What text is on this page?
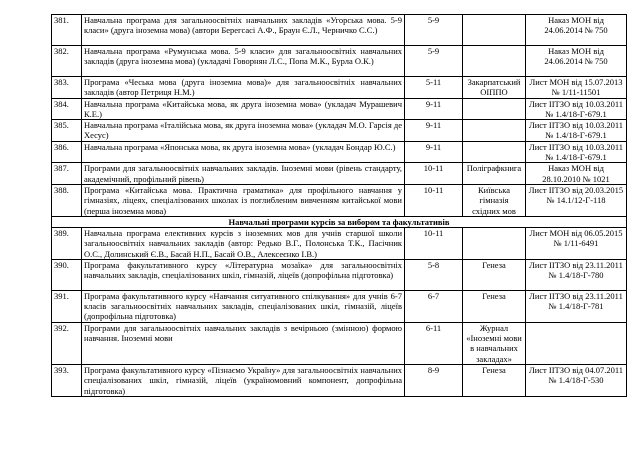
381.	Навчальна програма для загальноосвітніх навчальних закладів «Угорська мова. 5-9 класи» (друга іноземна мова) (автори Берегсасі А.Ф., Браун Є.Л., Черничко С.С.)	5-9		Наказ МОН від 24.06.2014 № 750
382.	Навчальна програма «Румунська мова. 5-9 класи» для загальноосвітніх навчальних закладів (друга іноземна мова) (укладачі Говорнян Л.С., Попа М.К., Бурла О.К.)	5-9		Наказ МОН від 24.06.2014 № 750
383.	Програма «Чеська мова (друга іноземна мова)» для загальноосвітніх навчальних закладів (автор Петриця Н.М.)	5-11	Закарпатський ОІППО	Лист МОН від 15.07.2013 № 1/11-11501
384.	Навчальна програма «Китайська мова, як друга іноземна мова» (укладач Мурашевич К.Е.)	9-11		Лист ІІТЗО від 10.03.2011 № 1.4/18-Г-679.1
385.	Навчальна програма «Італійська мова, як друга іноземна мова» (укладач М.О. Гарсія де Хесус)	9-11		Лист ІІТЗО від 10.03.2011 № 1.4/18-Г-679.1
386.	Навчальна програма «Японська мова, як друга іноземна мова» (укладач Бондар Ю.С.)	9-11		Лист ІІТЗО від 10.03.2011 № 1.4/18-Г-679.1
387.	Програми для загальноосвітніх навчальних закладів. Іноземні мови (рівень стандарту, академічний, профільний рівень)	10-11	Поліграфкнига	Наказ МОН від 28.10.2010 № 1021
388.	Програма «Китайська мова. Практична граматика» для профільного навчання у гімназіях, ліцеях, спеціалізованих школах із поглибленим вивченням китайської мови (перша іноземна мова)	10-11	Київська гімназія східних мов	Лист ІІТЗО від 20.03.2015 № 14.1/12-Г-118
Навчальні програми курсів за вибором та факультативів				
389.	Навчальна програма елективних курсів з іноземних мов для учнів старшої школи загальноосвітніх навчальних закладів (автор: Редько В.Г., Полонська Т.К., Пасічник О.С., Долинський Є.В., Басай Н.П., Басай О.В., Алексеєнко І.В.)	10-11		Лист МОН від 06.05.2015 № 1/11-6491
390.	Програма факультативного курсу «Літературна мозаїка» для загальноосвітніх навчальних закладів, спеціалізованих шкіл, гімназій, ліцеїв (допрофільна підготовка)	5-8	Генеза	Лист ІІТЗО від 23.11.2011 № 1.4/18-Г-780
391.	Програма факультативного курсу «Навчання ситуативного спілкування» для учнів 6-7 класів загальноосвітніх навчальних закладів, спеціалізованих шкіл, гімназій, ліцеїв (допрофільна підготовка)	6-7	Генеза	Лист ІІТЗО від 23.11.2011 № 1.4/18-Г-781
392.	Програми для загальноосвітніх навчальних закладів з вечірньою (змінною) формою навчання. Іноземні мови	6-11	Журнал «Іноземні мови в навчальних закладах»	
393.	Програма факультативного курсу «Пізнаємо Україну» для загальноосвітніх навчальних спеціалізованих шкіл, гімназій, ліцеїв (україномовний компонент, допрофільна підготовка)	8-9	Генеза	Лист ІІТЗО від 04.07.2011 № 1.4/18-Г-530
